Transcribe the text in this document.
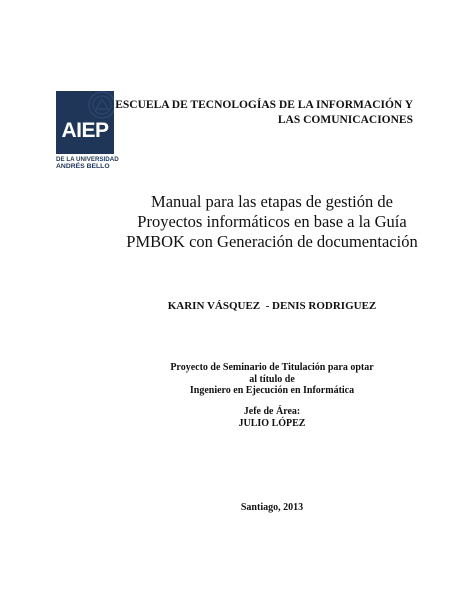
AIEP
DE LA UNIVERSIDAD
ANDRÉS BELLO
ESCUELA DE TECNOLOGÍAS DE LA INFORMACIÓN Y
LAS COMUNICACIONES
Manual para las etapas de gestión de
Proyectos informáticos en base a la Guía
PMBOK con Generación de documentación
KARIN VÁSQUEZ  - DENIS RODRIGUEZ
Proyecto de Seminario de Titulación para optar
al título de
Ingeniero en Ejecución en Informática
Jefe de Área:
JULIO LÓPEZ
Santiago, 2013
